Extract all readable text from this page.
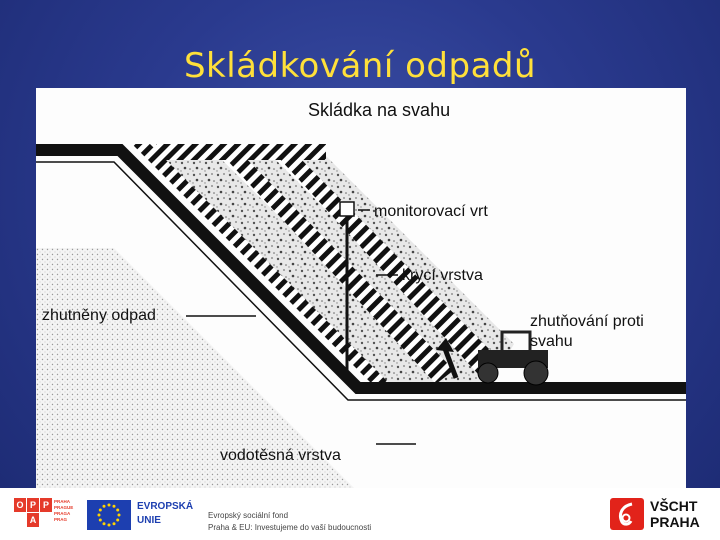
Skládkování odpadů
Skládka na svahu
monitorovací vrt
krycí vrstva
zhutněny odpad	zhutňování proti
svahu
vodotěsná vrstva
O P P
A
PRAHA
PRAGUE
PRAGA
PRAG
EVROPSKÁ
UNIE	Evropský sociální fond
Praha & EU: Investujeme do vaší budoucnosti
VŠCHT
PRAHA
